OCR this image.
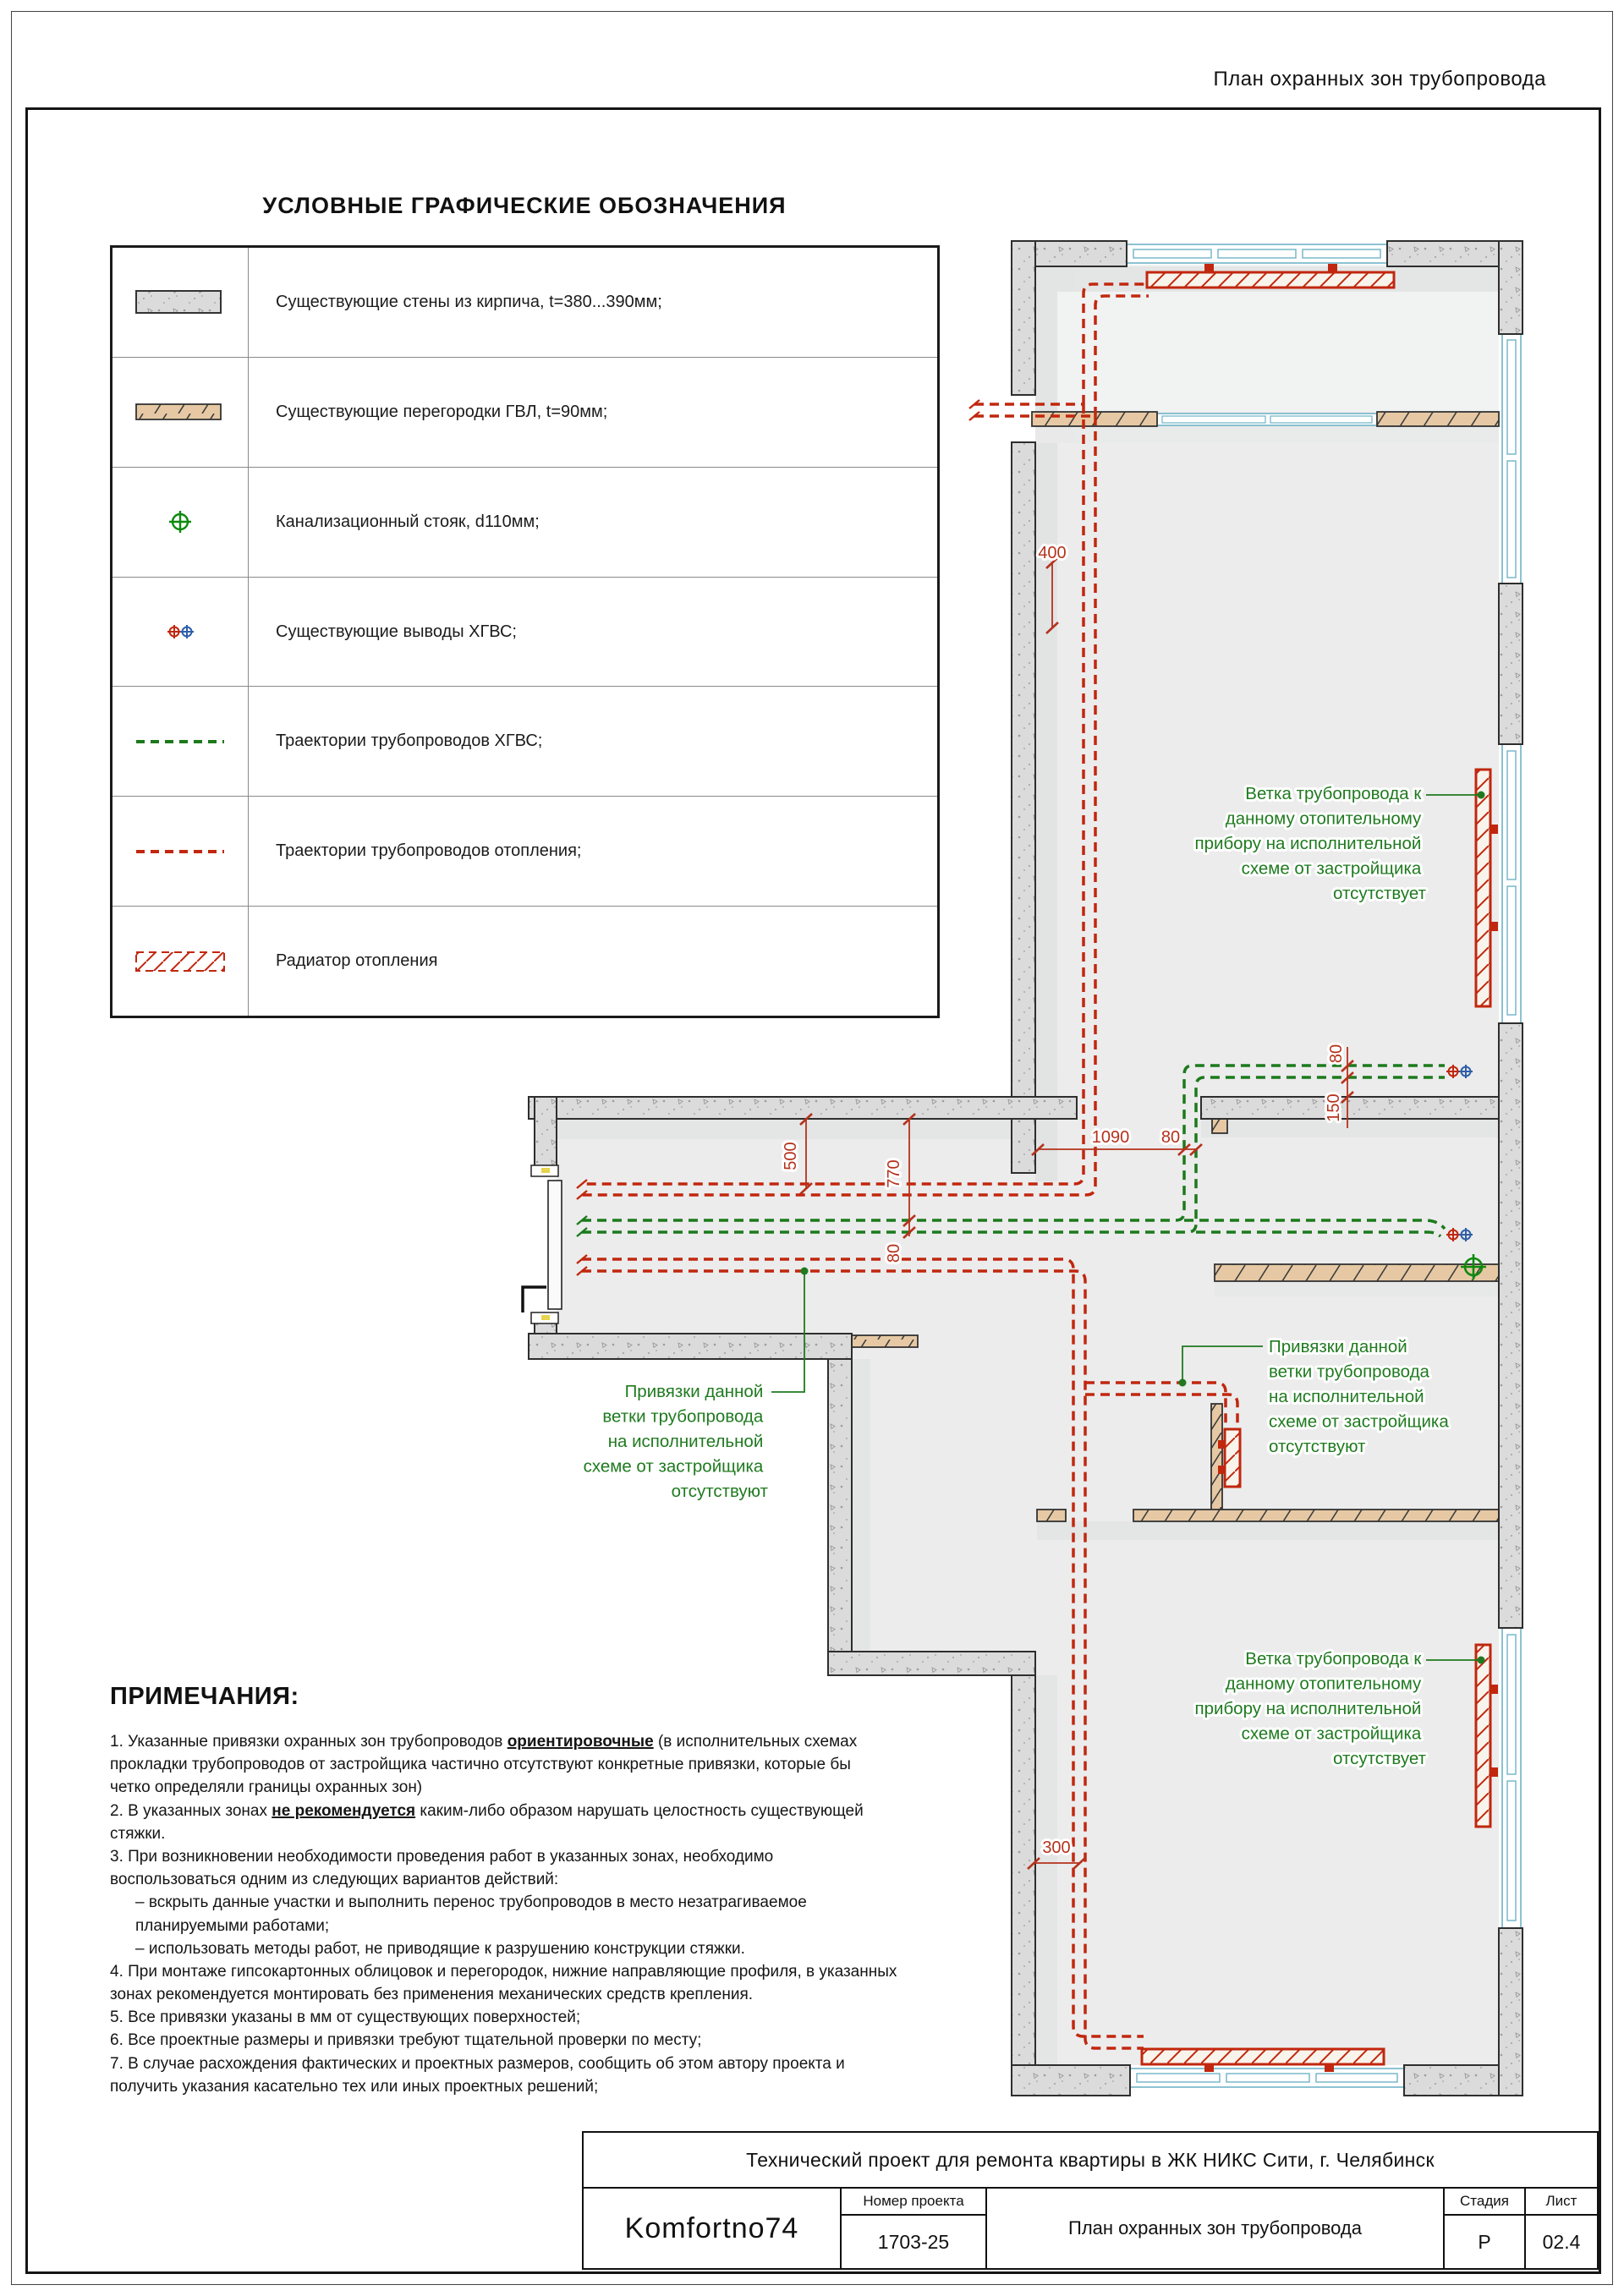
План охранных зон трубопровода
УСЛОВНЫЕ ГРАФИЧЕСКИЕ ОБОЗНАЧЕНИЯ
Существующие стены из кирпича, t=380...390мм;
Существующие перегородки ГВЛ, t=90мм;
Канализационный стояк, d110мм;
Существующие выводы ХГВС;
Траектории трубопроводов ХГВС;
Траектории трубопроводов отопления;
Радиатор отопления
ПРИМЕЧАНИЯ:
1. Указанные привязки охранных зон трубопроводов ориентировочные (в исполнительных схемах
прокладки трубопроводов от застройщика частично отсутствуют конкретные привязки, которые бы
четко определяли границы охранных зон)
2. В указанных зонах не рекомендуется каким-либо образом нарушать целостность существующей
стяжки.
3. При возникновении необходимости проведения работ в указанных зонах, необходимо
воспользоваться одним из следующих вариантов действий:
– вскрыть данные участки и выполнить перенос трубопроводов в место незатрагиваемое
планируемыми работами;
– использовать методы работ, не приводящие к разрушению конструкции стяжки.
4. При монтаже гипсокартонных облицовок и перегородок, нижние направляющие профиля, в указанных
зонах рекомендуется монтировать без применения механических средств крепления.
5. Все привязки указаны в мм от существующих поверхностей;
6. Все проектные размеры и привязки требуют тщательной проверки по месту;
7. В случае расхождения фактических и проектных размеров, сообщить об этом автору проекта и
получить указания касательно тех или иных проектных решений;
400
500
770
80
1090 80
80
150
300
Ветка трубопровода к данному отопительному прибору на исполнительной схеме от застройщика отсутствует
Привязки данной ветки трубопровода на исполнительной схеме от застройщика отсутствуют
Ветка трубопровода к данному отопительному прибору на исполнительной схеме от застройщика отсутствует
Привязки данной ветки трубопровода на исполнительной схеме от застройщика отсутствуют
Технический проект для ремонта квартиры в ЖК НИКС Сити, г. Челябинск
Komfortno74
Номер проекта
1703-25
План охранных зон трубопровода
Стадия
Р
Лист
02.4
